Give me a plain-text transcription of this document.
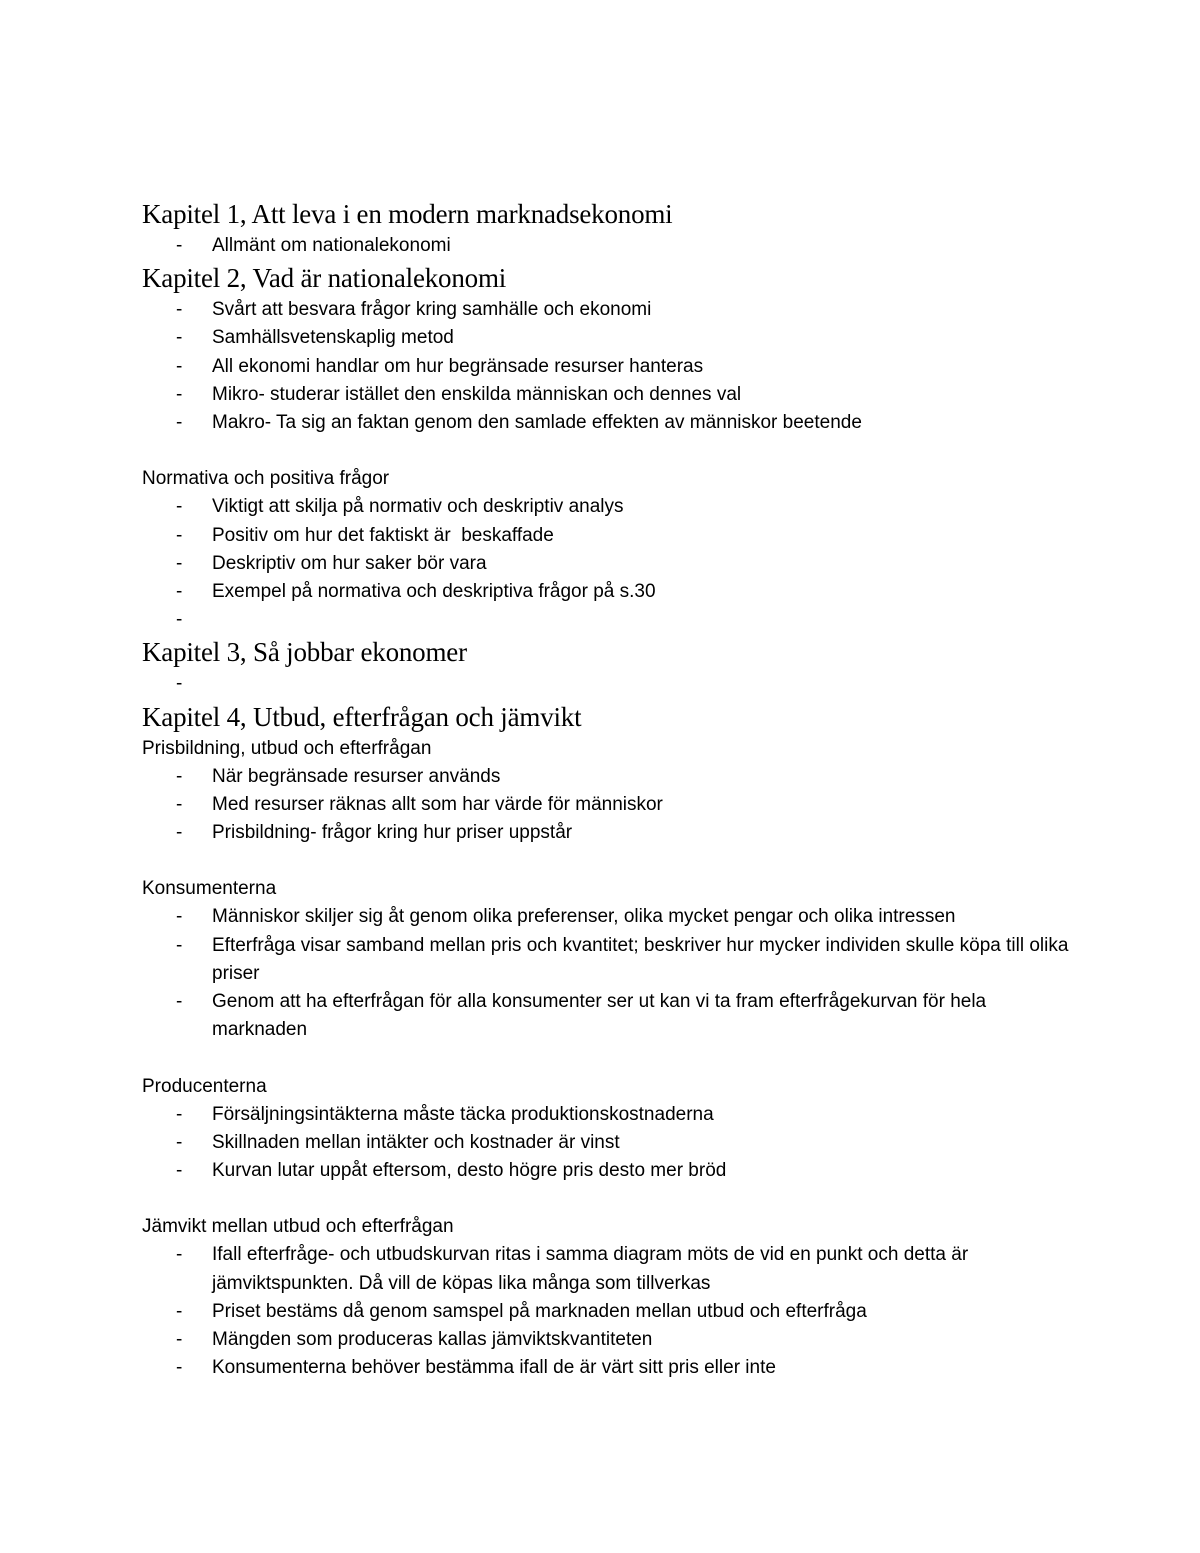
Kapitel 1, Att leva i en modern marknadsekonomi
- Allmänt om nationalekonomi
Kapitel 2, Vad är nationalekonomi
- Svårt att besvara frågor kring samhälle och ekonomi
- Samhällsvetenskaplig metod
- All ekonomi handlar om hur begränsade resurser hanteras
- Mikro- studerar istället den enskilda människan och dennes val
- Makro- Ta sig an faktan genom den samlade effekten av människor beetende

Normativa och positiva frågor

- Viktigt att skilja på normativ och deskriptiv analys
- Positiv om hur det faktiskt är  beskaffade
- Deskriptiv om hur saker bör vara
- Exempel på normativa och deskriptiva frågor på s.30
-
Kapitel 3, Så jobbar ekonomer
-
Kapitel 4, Utbud, efterfrågan och jämvikt

Prisbildning, utbud och efterfrågan

- När begränsade resurser används
- Med resurser räknas allt som har värde för människor
- Prisbildning- frågor kring hur priser uppstår

Konsumenterna

- Människor skiljer sig åt genom olika preferenser, olika mycket pengar och olika intressen
- Efterfråga visar samband mellan pris och kvantitet; beskriver hur mycker individen skulle köpa till olika priser
- Genom att ha efterfrågan för alla konsumenter ser ut kan vi ta fram efterfrågekurvan för hela marknaden

Producenterna

- Försäljningsintäkterna måste täcka produktionskostnaderna
- Skillnaden mellan intäkter och kostnader är vinst
- Kurvan lutar uppåt eftersom, desto högre pris desto mer bröd

Jämvikt mellan utbud och efterfrågan

- Ifall efterfråge- och utbudskurvan ritas i samma diagram möts de vid en punkt och detta är jämviktspunkten. Då vill de köpas lika många som tillverkas
- Priset bestäms då genom samspel på marknaden mellan utbud och efterfråga
- Mängden som produceras kallas jämviktskvantiteten
- Konsumenterna behöver bestämma ifall de är värt sitt pris eller inte
